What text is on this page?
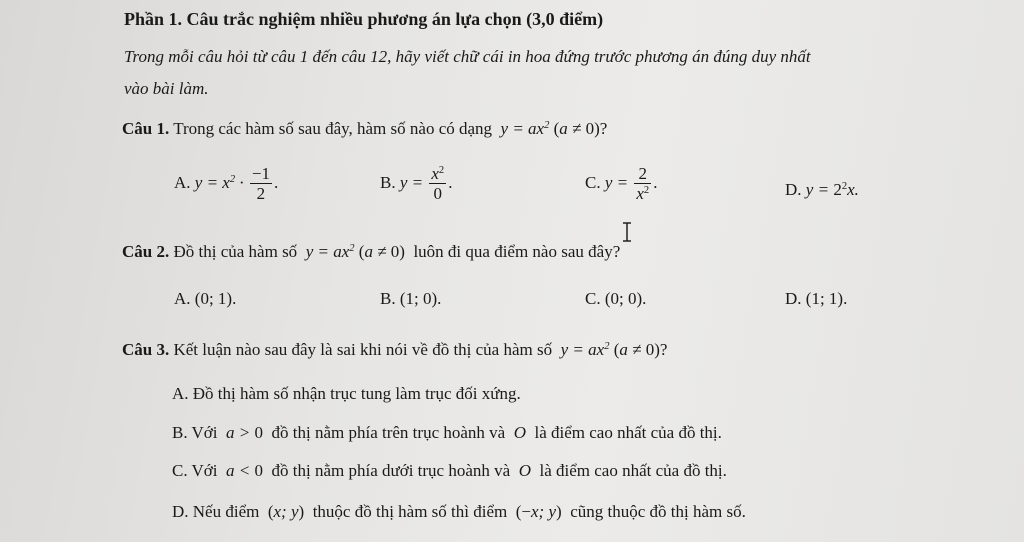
Phần 1. Câu trắc nghiệm nhiều phương án lựa chọn (3,0 điểm)
Trong mỗi câu hỏi từ câu 1 đến câu 12, hãy viết chữ cái in hoa đứng trước phương án đúng duy nhất
vào bài làm.
Câu 1. Trong các hàm số sau đây, hàm số nào có dạng  $y = ax^2$ (a ≠ 0)?
A. $y = x^2 \cdot \frac{-1}{2}$ .	B. $y = \frac{x^2}{0}$ .	C. $y = \frac{2}{x^2}$ .	D. $y = 2^2x$.
Câu 2. Đồ thị của hàm số  $y = ax^2$ (a ≠ 0) luôn đi qua điểm nào sau đây?
A. (0; 1).	B. (1; 0).	C. (0; 0).	D. (1; 1).
Câu 3. Kết luận nào sau đây là sai khi nói về đồ thị của hàm số  $y = ax^2$ (a ≠ 0)?
A. Đồ thị hàm số nhận trục tung làm trục đối xứng.
B. Với  a > 0 đồ thị nằm phía trên trục hoành và  O  là điểm cao nhất của đồ thị.
C. Với  a < 0 đồ thị nằm phía dưới trục hoành và  O  là điểm cao nhất của đồ thị.
D. Nếu điểm (x; y) thuộc đồ thị hàm số thì điểm (−x; y) cũng thuộc đồ thị hàm số.
